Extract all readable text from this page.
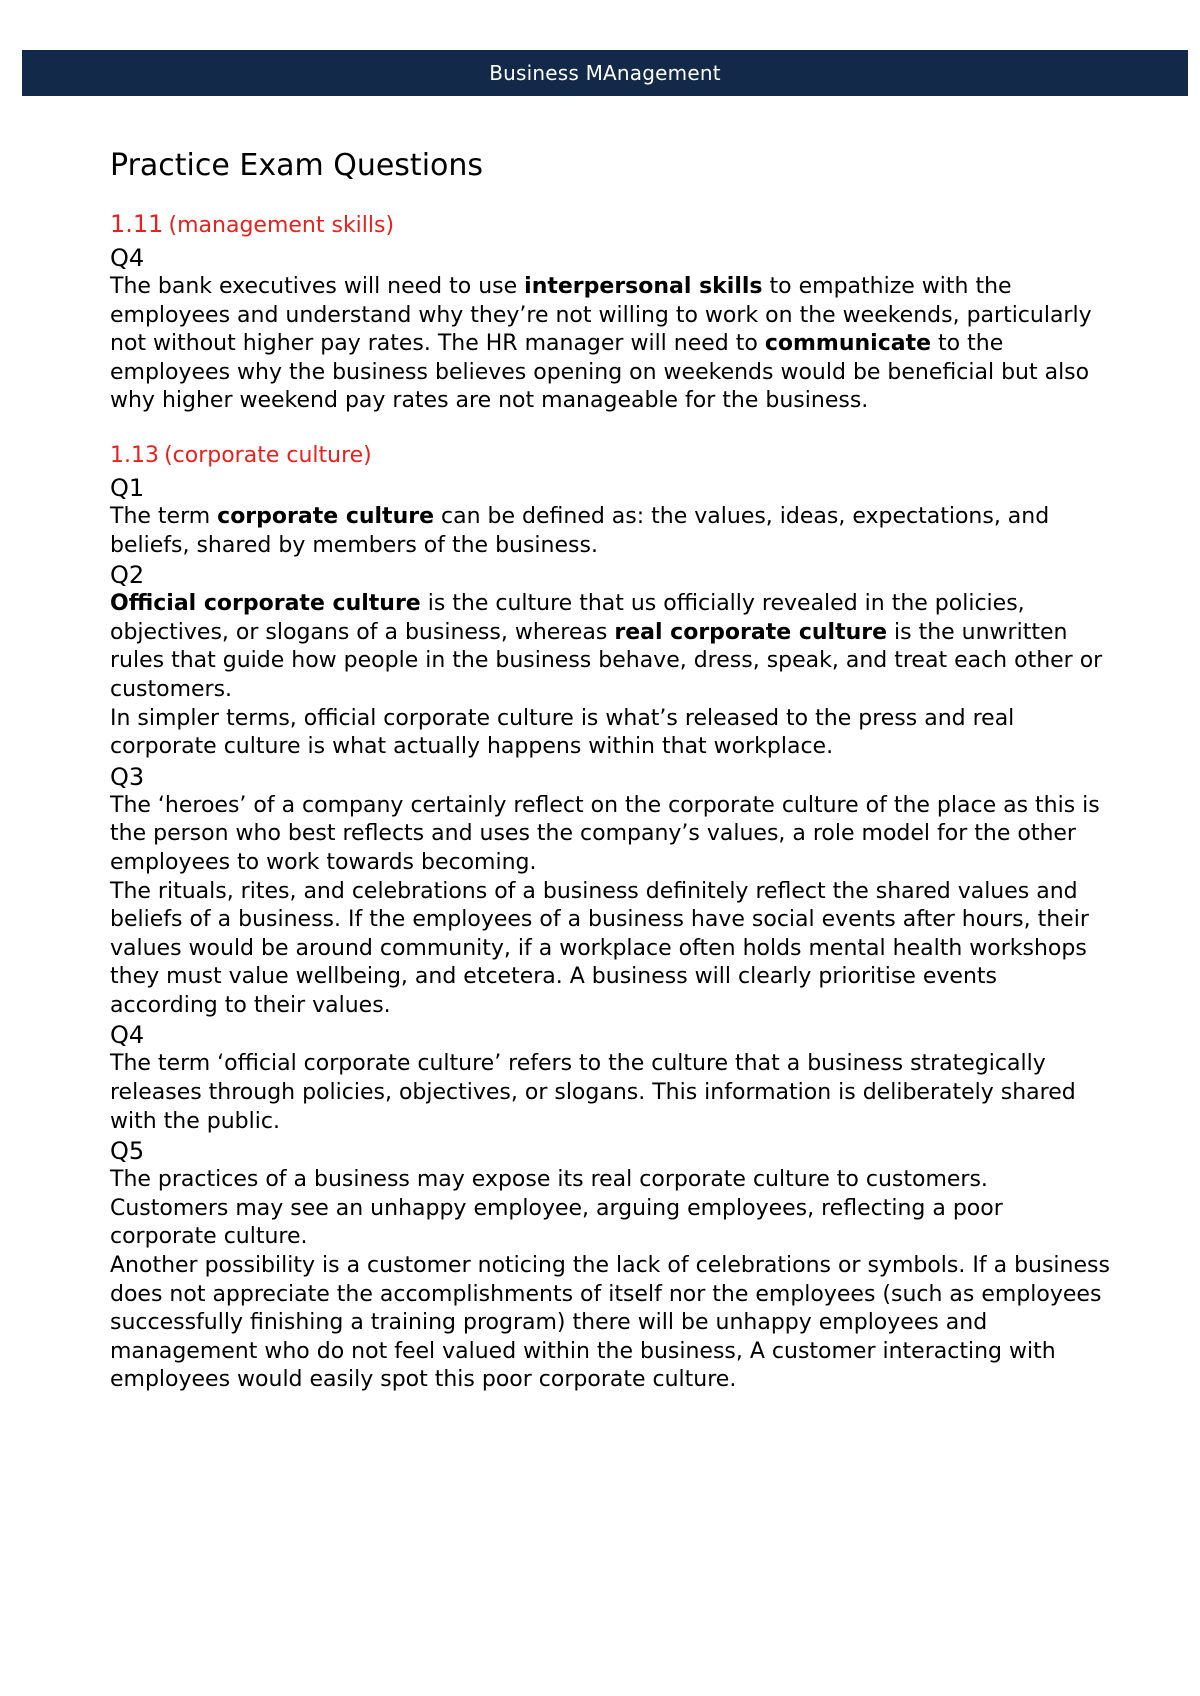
Business MAnagement
Practice Exam Questions

1.11 (management skills)

Q4

The bank executives will need to use interpersonal skills to empathize with the employees and understand why they’re not willing to work on the weekends, particularly not without higher pay rates. The HR manager will need to communicate to the employees why the business believes opening on weekends would be beneficial but also why higher weekend pay rates are not manageable for the business.

1.13 (corporate culture)

Q1

The term corporate culture can be defined as: the values, ideas, expectations, and beliefs, shared by members of the business.

Q2

Official corporate culture is the culture that us officially revealed in the policies, objectives, or slogans of a business, whereas real corporate culture is the unwritten rules that guide how people in the business behave, dress, speak, and treat each other or customers.

In simpler terms, official corporate culture is what’s released to the press and real corporate culture is what actually happens within that workplace.

Q3

The ‘heroes’ of a company certainly reflect on the corporate culture of the place as this is the person who best reflects and uses the company’s values, a role model for the other employees to work towards becoming.

The rituals, rites, and celebrations of a business definitely reflect the shared values and beliefs of a business. If the employees of a business have social events after hours, their values would be around community, if a workplace often holds mental health workshops they must value wellbeing, and etcetera. A business will clearly prioritise events according to their values.

Q4

The term ‘official corporate culture’ refers to the culture that a business strategically releases through policies, objectives, or slogans. This information is deliberately shared with the public.

Q5

The practices of a business may expose its real corporate culture to customers. Customers may see an unhappy employee, arguing employees, reflecting a poor corporate culture.

Another possibility is a customer noticing the lack of celebrations or symbols. If a business does not appreciate the accomplishments of itself nor the employees (such as employees successfully finishing a training program) there will be unhappy employees and management who do not feel valued within the business, A customer interacting with employees would easily spot this poor corporate culture.
